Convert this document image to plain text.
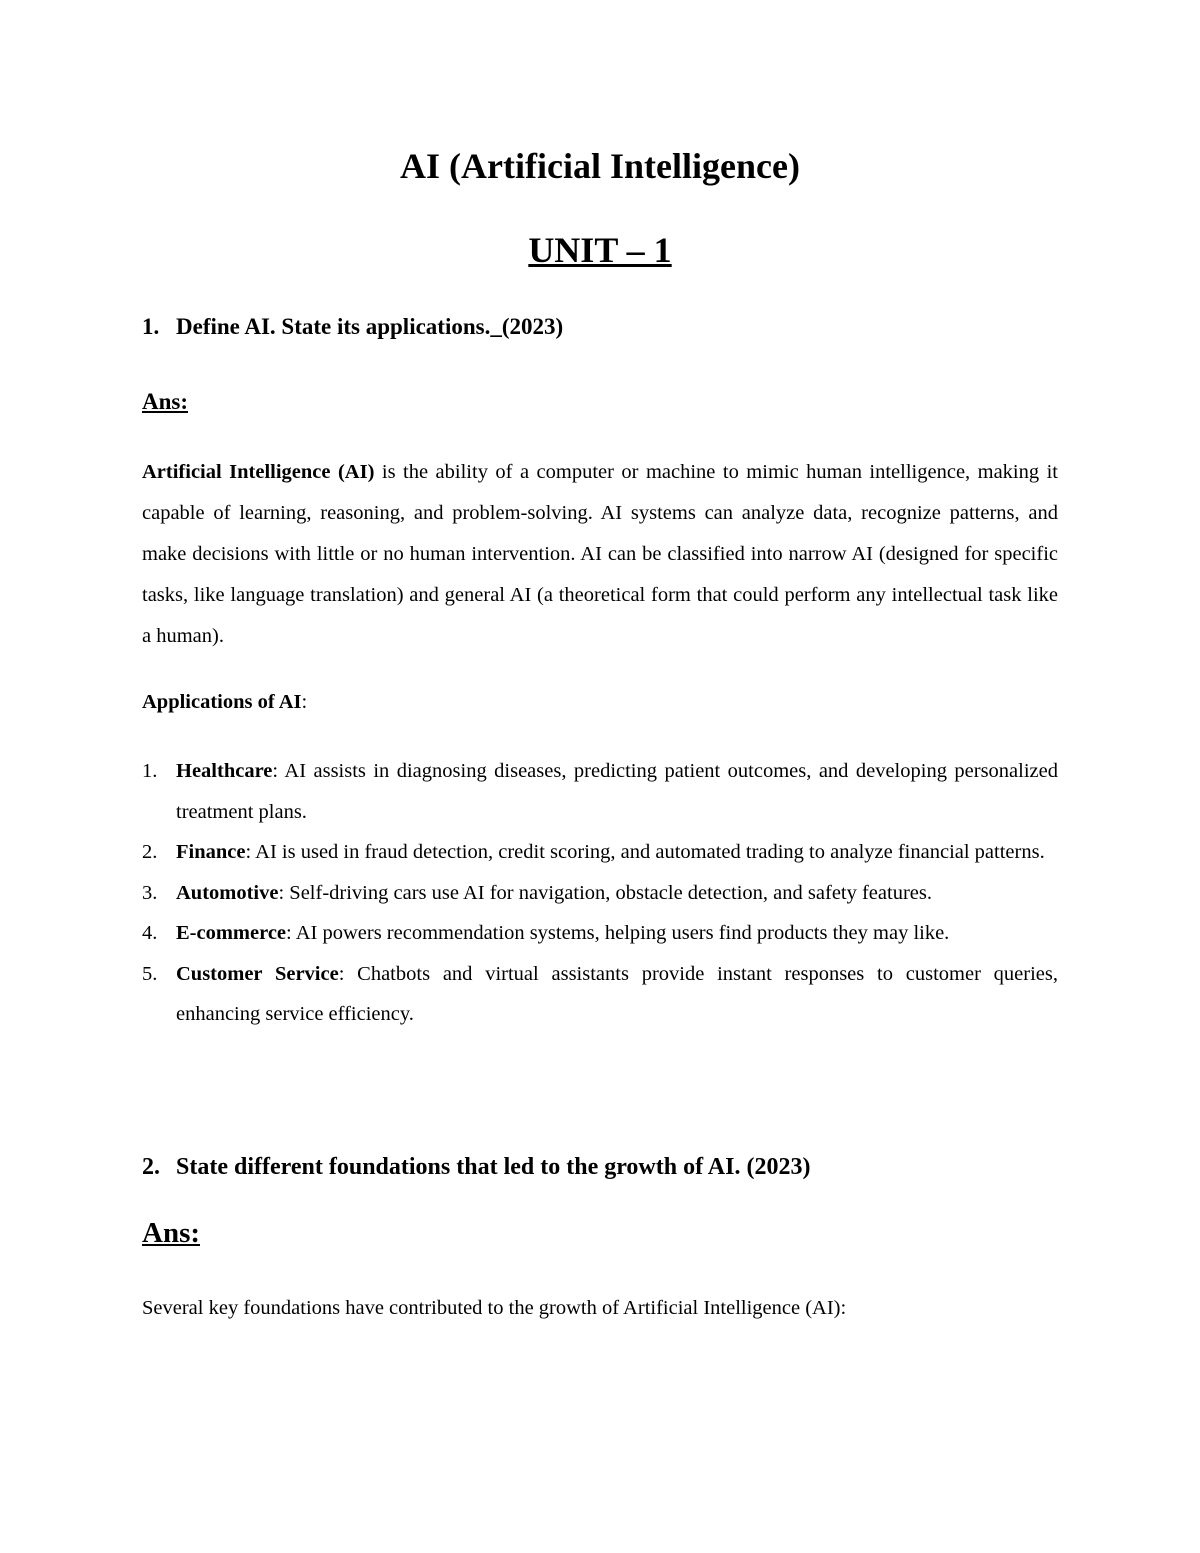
AI (Artificial Intelligence)
UNIT – 1
1. Define AI. State its applications._(2023)
Ans:
Artificial Intelligence (AI) is the ability of a computer or machine to mimic human intelligence, making it capable of learning, reasoning, and problem-solving. AI systems can analyze data, recognize patterns, and make decisions with little or no human intervention. AI can be classified into narrow AI (designed for specific tasks, like language translation) and general AI (a theoretical form that could perform any intellectual task like a human).
Applications of AI:
1. Healthcare: AI assists in diagnosing diseases, predicting patient outcomes, and developing personalized treatment plans.
2. Finance: AI is used in fraud detection, credit scoring, and automated trading to analyze financial patterns.
3. Automotive: Self-driving cars use AI for navigation, obstacle detection, and safety features.
4. E-commerce: AI powers recommendation systems, helping users find products they may like.
5. Customer Service: Chatbots and virtual assistants provide instant responses to customer queries, enhancing service efficiency.
2. State different foundations that led to the growth of AI. (2023)
Ans:
Several key foundations have contributed to the growth of Artificial Intelligence (AI):
